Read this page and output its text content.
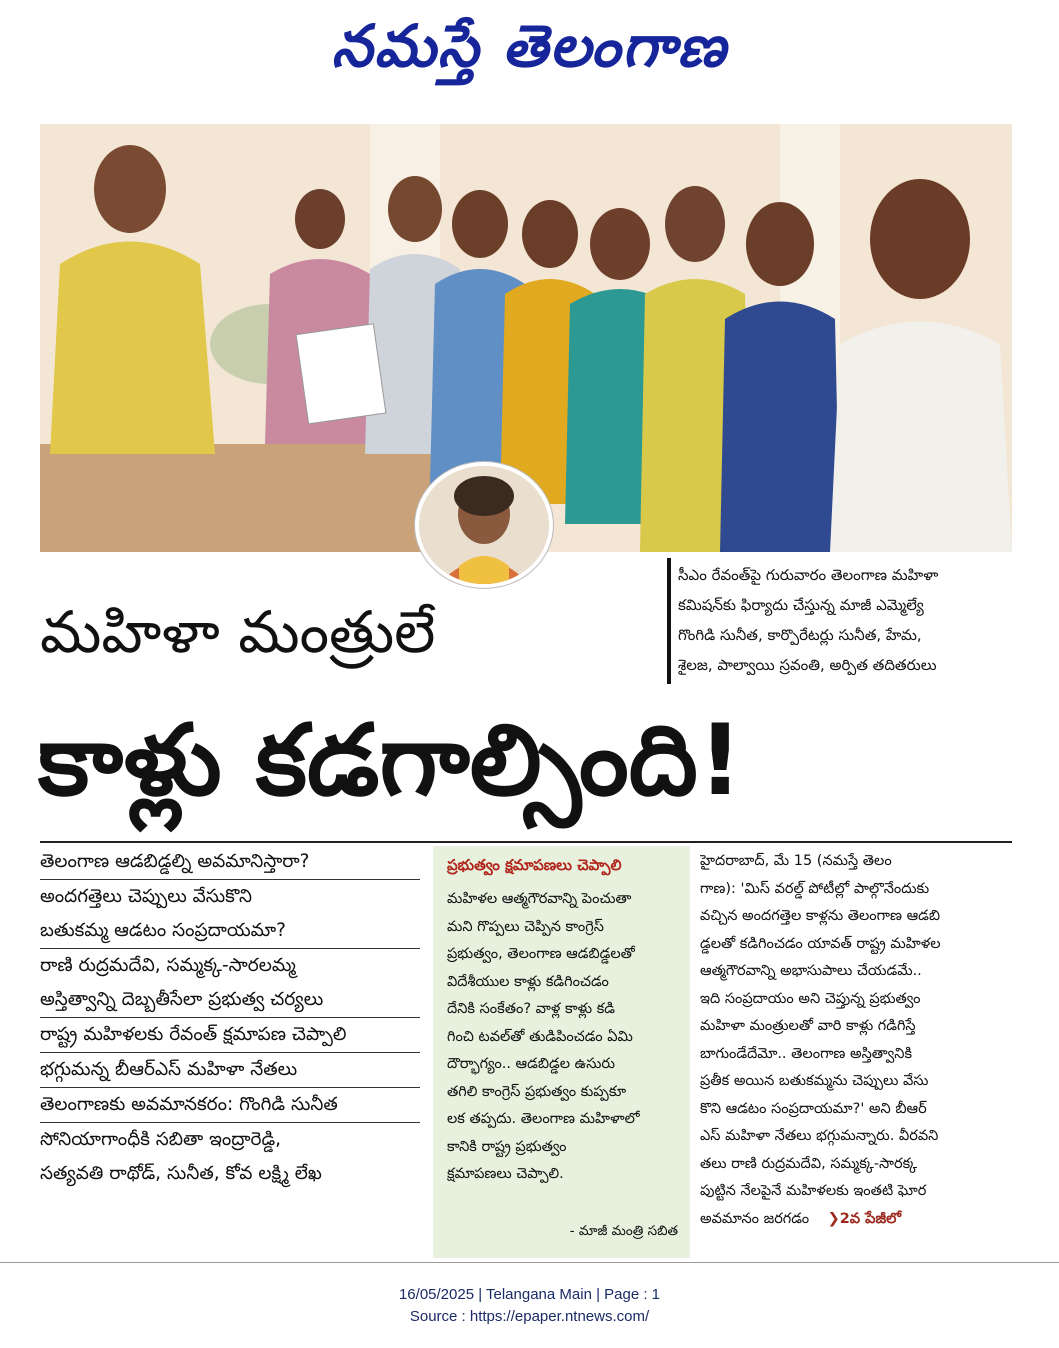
నమస్తే తెలంగాణ
సీఎం రేవంత్‌పై గురువారం తెలంగాణ మహిళా
కమిషన్‌కు ఫిర్యాదు చేస్తున్న మాజీ ఎమ్మెల్యే
గొంగిడి సునీత, కార్పొరేటర్లు సునీత, హేమ,
శైలజ, పాల్వాయి స్రవంతి, అర్పిత తదితరులు
మహిళా మంత్రులే
కాళ్లు కడగాల్సింది!
తెలంగాణ ఆడబిడ్డల్ని అవమానిస్తారా?
అందగత్తెలు చెప్పులు వేసుకొని
బతుకమ్మ ఆడటం సంప్రదాయమా?
రాణి రుద్రమదేవి, సమ్మక్క-సారలమ్మ
అస్తిత్వాన్ని దెబ్బతీసేలా ప్రభుత్వ చర్యలు
రాష్ట్ర మహిళలకు రేవంత్ క్షమాపణ చెప్పాలి
భగ్గుమన్న బీఆర్‌ఎస్ మహిళా నేతలు
తెలంగాణకు అవమానకరం: గొంగిడి సునీత
సోనియాగాంధీకి సబితా ఇంద్రారెడ్డి,
సత్యవతి రాథోడ్, సునీత, కోవ లక్ష్మి లేఖ
ప్రభుత్వం క్షమాపణలు చెప్పాలి
మహిళల ఆత్మగౌరవాన్ని పెంచుతా
మని గొప్పలు చెప్పిన కాంగ్రెస్
ప్రభుత్వం, తెలంగాణ ఆడబిడ్డలతో
విదేశీయుల కాళ్లు కడిగించడం
దేనికి సంకేతం? వాళ్ల కాళ్లు కడి
గించి టవల్‌తో తుడిపించడం ఏమి
దౌర్భాగ్యం.. ఆడబిడ్డల ఉసురు
తగిలి కాంగ్రెస్ ప్రభుత్వం కుప్పకూ
లక తప్పదు. తెలంగాణ మహిళాలో
కానికి రాష్ట్ర ప్రభుత్వం
క్షమాపణలు చెప్పాలి.
- మాజీ మంత్రి సబిత
హైదరాబాద్, మే 15 (నమస్తే తెలం
గాణ): 'మిస్ వరల్డ్ పోటీల్లో పాల్గొనేందుకు
వచ్చిన అందగత్తెల కాళ్లను తెలంగాణ ఆడబి
డ్డలతో కడిగించడం యావత్ రాష్ట్ర మహిళల
ఆత్మగౌరవాన్ని అభాసుపాలు చేయడమే..
ఇది సంప్రదాయం అని చెప్తున్న ప్రభుత్వం
మహిళా మంత్రులతో వారి కాళ్లు గడిగిస్తే
బాగుండేదేమో.. తెలంగాణ అస్తిత్వానికి
ప్రతీక అయిన బతుకమ్మను చెప్పులు వేసు
కొని ఆడటం సంప్రదాయమా?' అని బీఆర్
ఎస్ మహిళా నేతలు భగ్గుమన్నారు. వీరవని
తలు రాణి రుద్రమదేవి, సమ్మక్క-సారక్క
పుట్టిన నేలపైనే మహిళలకు ఇంతటి ఘోర
అవమానం జరగడం ❯2వ పేజీలో
16/05/2025 | Telangana Main | Page : 1
Source : https://epaper.ntnews.com/
